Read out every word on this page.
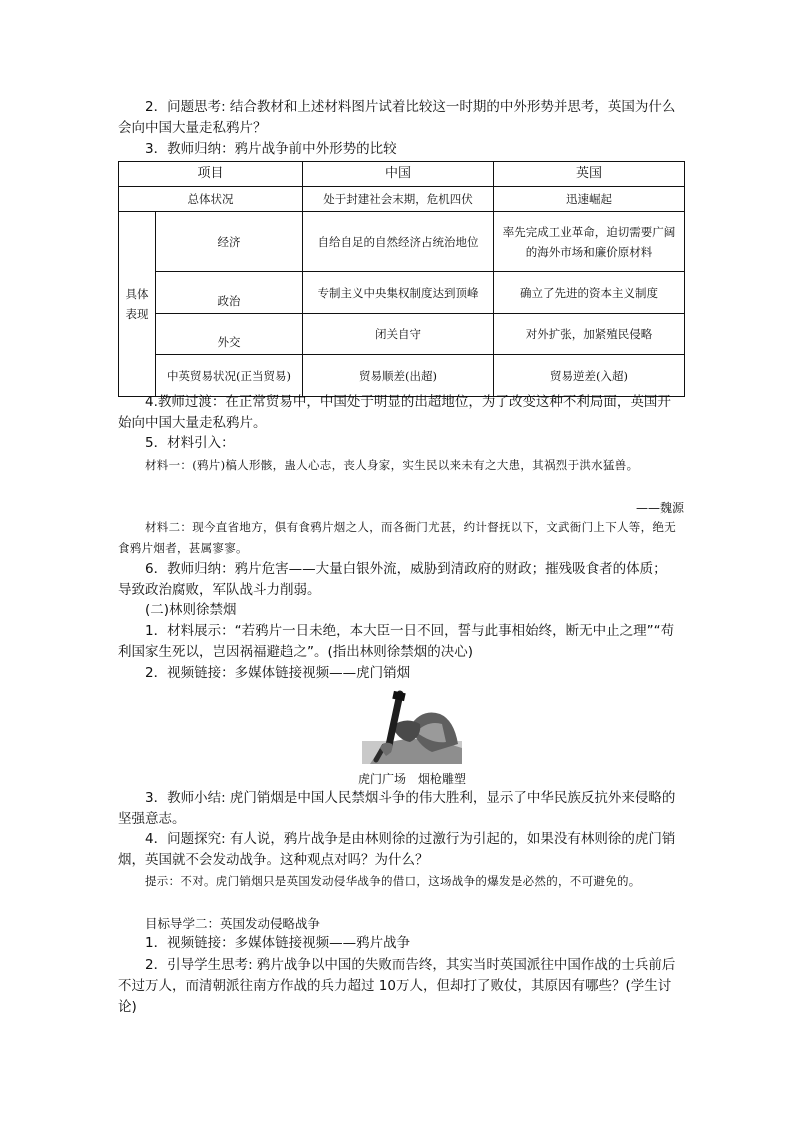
2．问题思考: 结合教材和上述材料图片试着比较这一时期的中外形势并思考，英国为什么会向中国大量走私鸦片？
3．教师归纳：鸦片战争前中外形势的比较
项目		中国	英国
总体状况		处于封建社会末期，危机四伏	迅速崛起
具体表现	经济	自给自足的自然经济占统治地位	率先完成工业革命，迫切需要广阔的海外市场和廉价原材料
	政治	专制主义中央集权制度达到顶峰	确立了先进的资本主义制度
	外交	闭关自守	对外扩张，加紧殖民侵略
	中英贸易状况(正当贸易)	贸易顺差(出超)	贸易逆差(入超)
4.教师过渡：在正常贸易中，中国处于明显的出超地位，为了改变这种不利局面，英国开始向中国大量走私鸦片。
5．材料引入：
材料一：(鸦片)槁人形骸，蛊人心志，丧人身家，实生民以来未有之大患，其祸烈于洪水猛兽。
——魏源
材料二：现今直省地方，俱有食鸦片烟之人，而各衙门尤甚，约计督抚以下，文武衙门上下人等，绝无食鸦片烟者，甚属寥寥。
6．教师归纳：鸦片危害——大量白银外流，威胁到清政府的财政；摧残吸食者的体质；导致政治腐败，军队战斗力削弱。
(二)林则徐禁烟
1．材料展示：“若鸦片一日未绝，本大臣一日不回，誓与此事相始终，断无中止之理”“苟利国家生死以，岂因祸福避趋之”。(指出林则徐禁烟的决心)
2．视频链接：多媒体链接视频——虎门销烟
虎门广场　烟枪雕塑
3．教师小结: 虎门销烟是中国人民禁烟斗争的伟大胜利，显示了中华民族反抗外来侵略的坚强意志。
4．问题探究: 有人说，鸦片战争是由林则徐的过激行为引起的，如果没有林则徐的虎门销烟，英国就不会发动战争。这种观点对吗？为什么？
提示：不对。虎门销烟只是英国发动侵华战争的借口，这场战争的爆发是必然的，不可避免的。
目标导学二：英国发动侵略战争
1．视频链接：多媒体链接视频——鸦片战争
2．引导学生思考: 鸦片战争以中国的失败而告终，其实当时英国派往中国作战的士兵前后不过万人，而清朝派往南方作战的兵力超过 10万人，但却打了败仗，其原因有哪些？(学生讨论)
